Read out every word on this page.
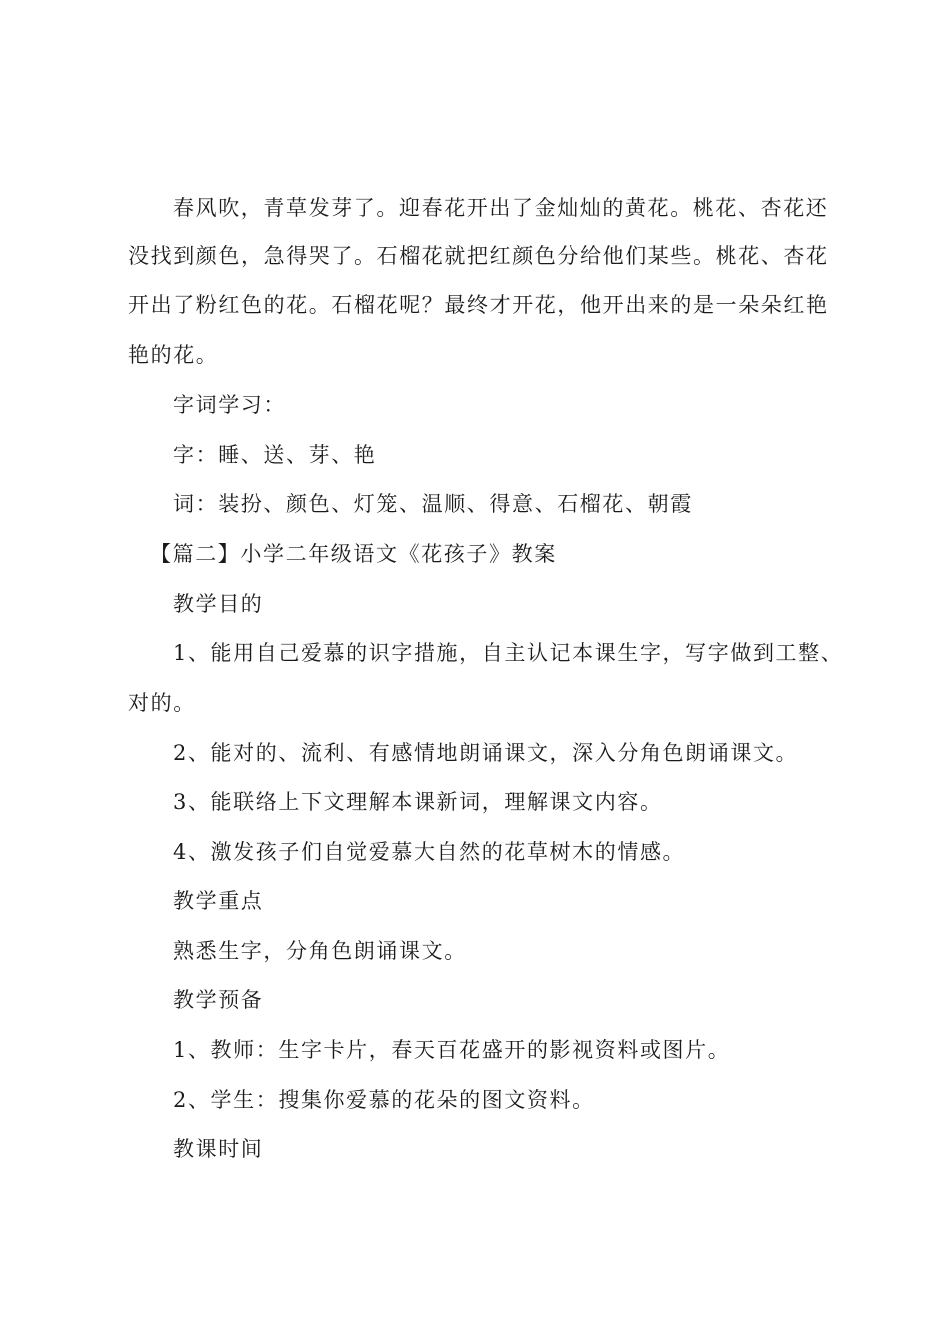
春风吹，青草发芽了。迎春花开出了金灿灿的黄花。桃花、杏花还
没找到颜色，急得哭了。石榴花就把红颜色分给他们某些。桃花、杏花
开出了粉红色的花。石榴花呢？最终才开花，他开出来的是一朵朵红艳
艳的花。
字词学习：
字：睡、送、芽、艳
词：装扮、颜色、灯笼、温顺、得意、石榴花、朝霞
【篇二】小学二年级语文《花孩子》教案
教学目的
1、能用自己爱慕的识字措施，自主认记本课生字，写字做到工整、
对的。
2、能对的、流利、有感情地朗诵课文，深入分角色朗诵课文。
3、能联络上下文理解本课新词，理解课文内容。
4、激发孩子们自觉爱慕大自然的花草树木的情感。
教学重点
熟悉生字，分角色朗诵课文。
教学预备
1、教师：生字卡片，春天百花盛开的影视资料或图片。
2、学生：搜集你爱慕的花朵的图文资料。
教课时间
